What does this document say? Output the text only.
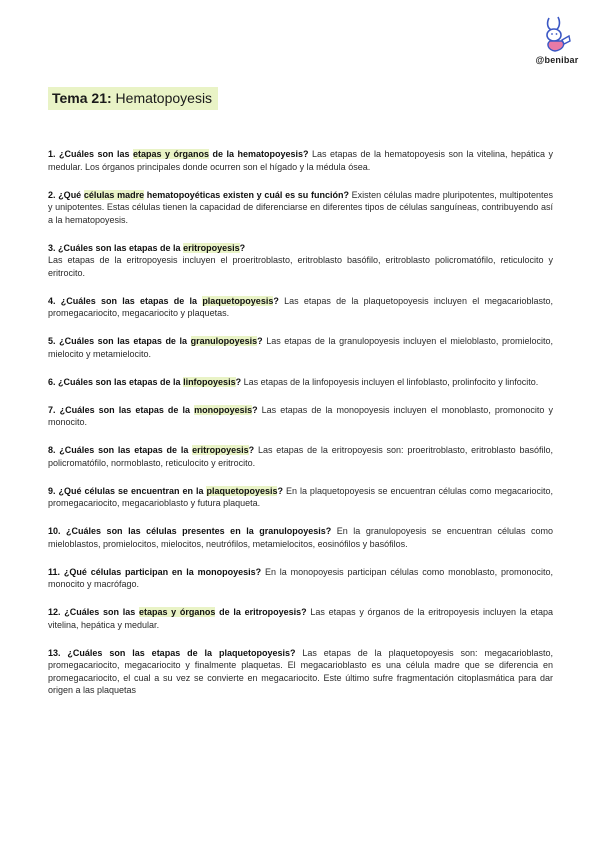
@benibar
Tema 21: Hematopoyesis

1. ¿Cuáles son las etapas y órganos de la hematopoyesis? Las etapas de la hematopoyesis son la vitelina, hepática y medular. Los órganos principales donde ocurren son el hígado y la médula ósea.

2. ¿Qué células madre hematopoyéticas existen y cuál es su función? Existen células madre pluripotentes, multipotentes y unipotentes. Estas células tienen la capacidad de diferenciarse en diferentes tipos de células sanguíneas, contribuyendo así a la hematopoyesis.

3. ¿Cuáles son las etapas de la eritropoyesis?
Las etapas de la eritropoyesis incluyen el proeritroblasto, eritroblasto basófilo, eritroblasto policromatófilo, reticulocito y eritrocito.

4. ¿Cuáles son las etapas de la plaquetopoyesis? Las etapas de la plaquetopoyesis incluyen el megacarioblasto, promegacariocito, megacariocito y plaquetas.

5. ¿Cuáles son las etapas de la granulopoyesis? Las etapas de la granulopoyesis incluyen el mieloblasto, promielocito, mielocito y metamielocito.

6. ¿Cuáles son las etapas de la linfopoyesis? Las etapas de la linfopoyesis incluyen el linfoblasto, prolinfocito y linfocito.

7. ¿Cuáles son las etapas de la monopoyesis? Las etapas de la monopoyesis incluyen el monoblasto, promonocito y monocito.

8. ¿Cuáles son las etapas de la eritropoyesis? Las etapas de la eritropoyesis son: proeritroblasto, eritroblasto basófilo, policromatófilo, normoblasto, reticulocito y eritrocito.

9. ¿Qué células se encuentran en la plaquetopoyesis? En la plaquetopoyesis se encuentran células como megacariocito, promegacariocito, megacarioblasto y futura plaqueta.

10. ¿Cuáles son las células presentes en la granulopoyesis? En la granulopoyesis se encuentran células como mieloblastos, promielocitos, mielocitos, neutrófilos, metamielocitos, eosinófilos y basófilos.

11. ¿Qué células participan en la monopoyesis? En la monopoyesis participan células como monoblasto, promonocito, monocito y macrófago.

12. ¿Cuáles son las etapas y órganos de la eritropoyesis? Las etapas y órganos de la eritropoyesis incluyen la etapa vitelina, hepática y medular.

13. ¿Cuáles son las etapas de la plaquetopoyesis? Las etapas de la plaquetopoyesis son: megacarioblasto, promegacariocito, megacariocito y finalmente plaquetas. El megacarioblasto es una célula madre que se diferencia en promegacariocito, el cual a su vez se convierte en megacariocito. Este último sufre fragmentación citoplasmática para dar origen a las plaquetas
